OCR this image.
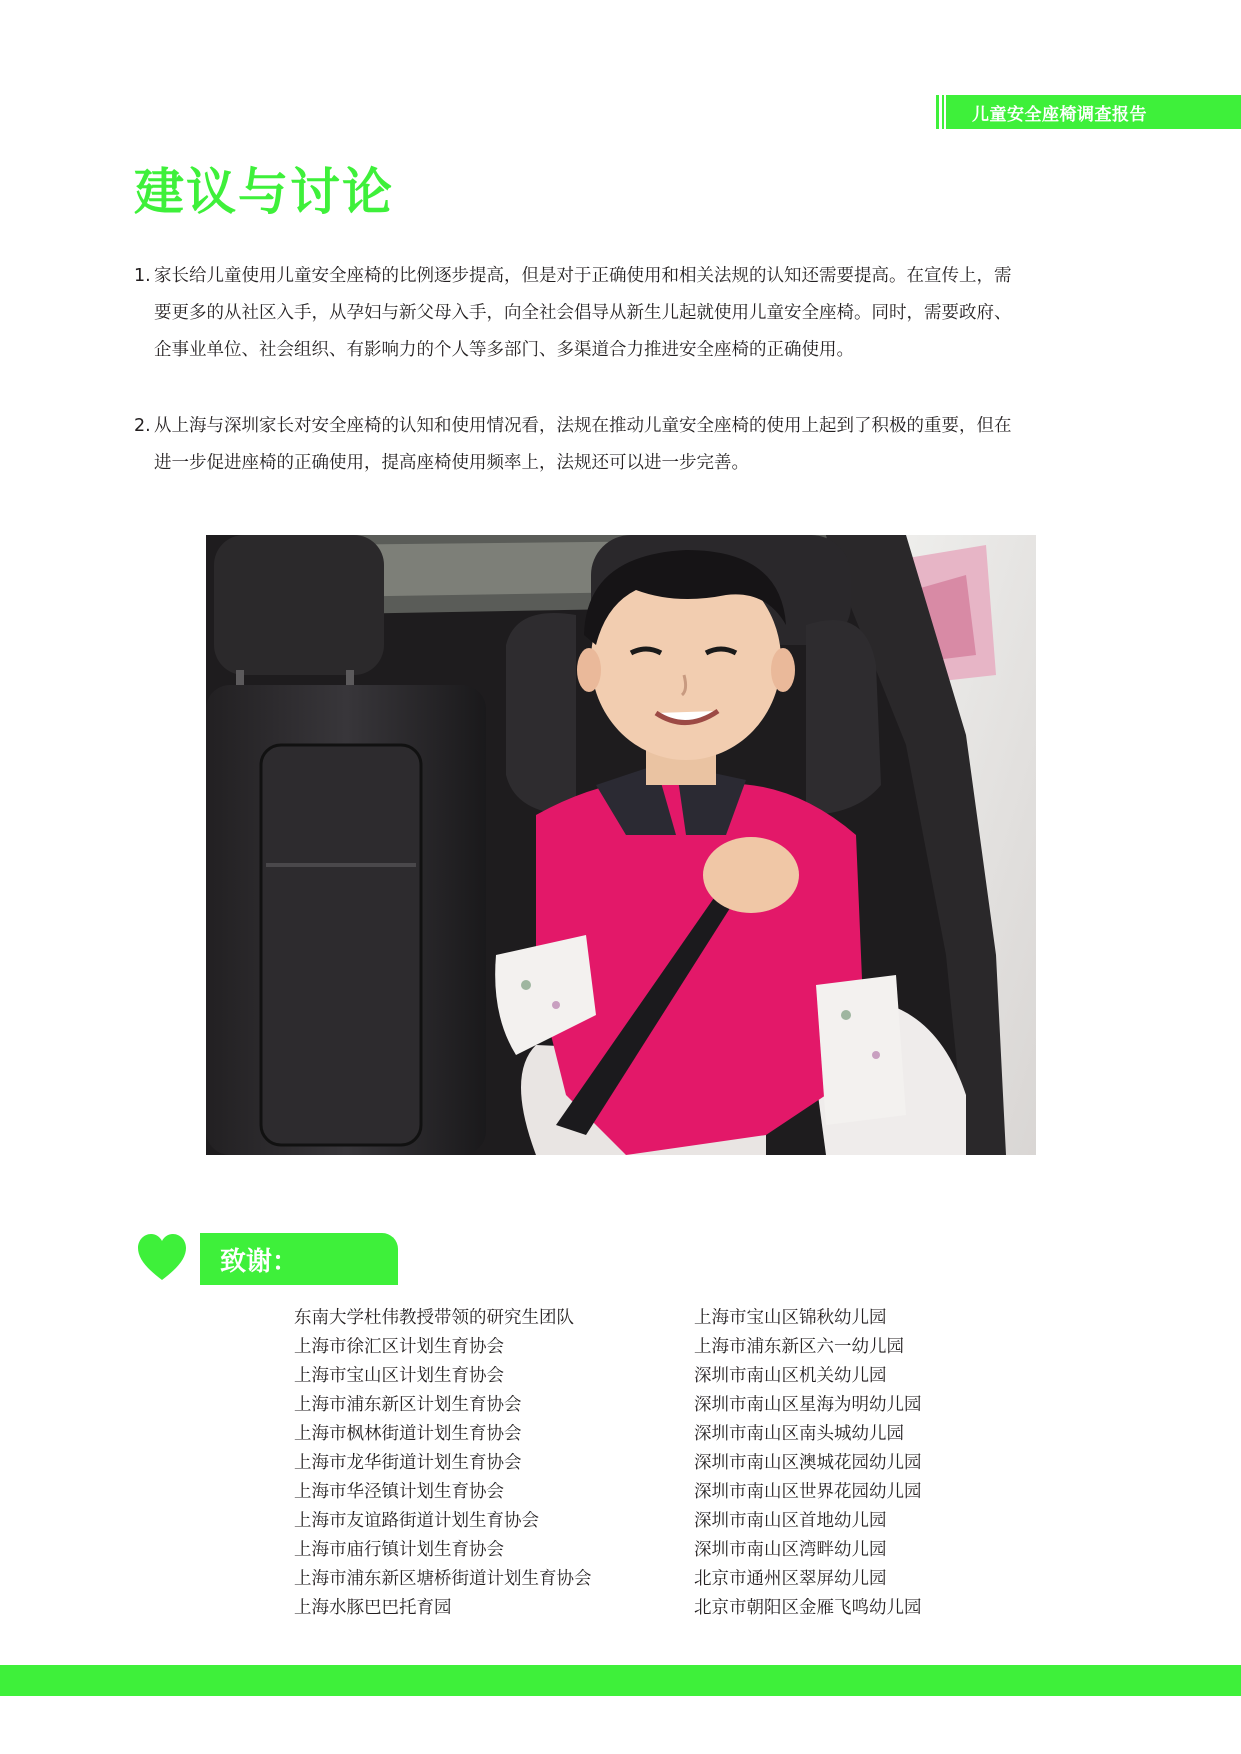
儿童安全座椅调查报告
建议与讨论
1. 家长给儿童使用儿童安全座椅的比例逐步提高，但是对于正确使用和相关法规的认知还需要提高。在宣传上，需
要更多的从社区入手，从孕妇与新父母入手，向全社会倡导从新生儿起就使用儿童安全座椅。同时，需要政府、
企事业单位、社会组织、有影响力的个人等多部门、多渠道合力推进安全座椅的正确使用。
2. 从上海与深圳家长对安全座椅的认知和使用情况看，法规在推动儿童安全座椅的使用上起到了积极的重要，但在
进一步促进座椅的正确使用，提高座椅使用频率上，法规还可以进一步完善。
致谢：
东南大学杜伟教授带领的研究生团队
上海市徐汇区计划生育协会
上海市宝山区计划生育协会
上海市浦东新区计划生育协会
上海市枫林街道计划生育协会
上海市龙华街道计划生育协会
上海市华泾镇计划生育协会
上海市友谊路街道计划生育协会
上海市庙行镇计划生育协会
上海市浦东新区塘桥街道计划生育协会
上海水豚巴巴托育园
上海市宝山区锦秋幼儿园
上海市浦东新区六一幼儿园
深圳市南山区机关幼儿园
深圳市南山区星海为明幼儿园
深圳市南山区南头城幼儿园
深圳市南山区澳城花园幼儿园
深圳市南山区世界花园幼儿园
深圳市南山区首地幼儿园
深圳市南山区湾畔幼儿园
北京市通州区翠屏幼儿园
北京市朝阳区金雁飞鸣幼儿园
